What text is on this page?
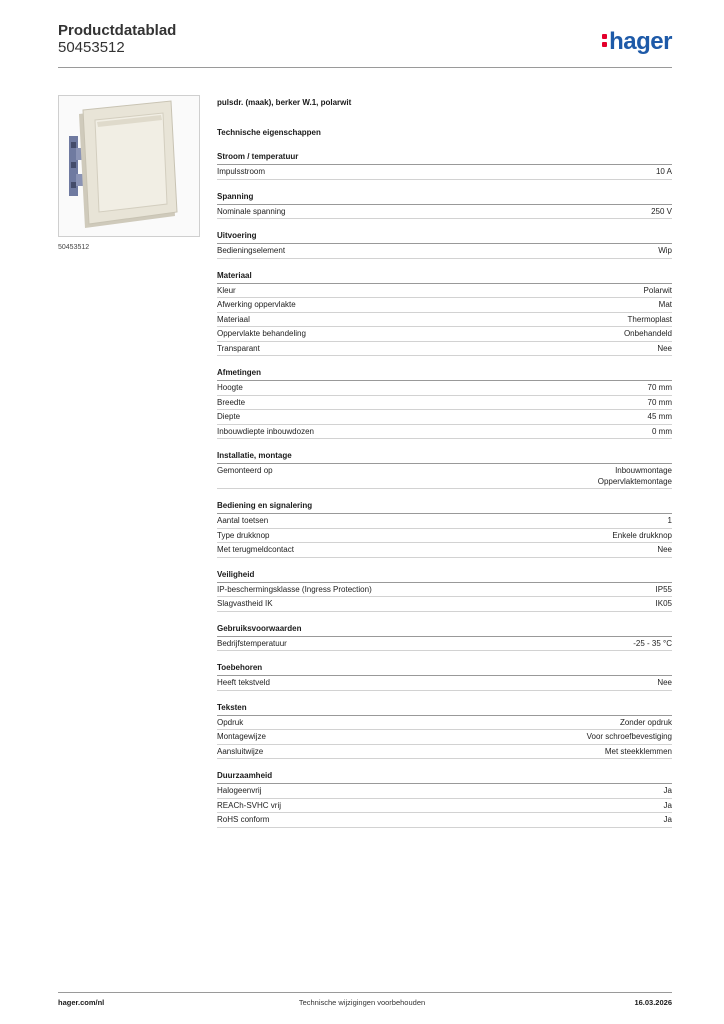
Productdatablad
50453512	hager
50453512
pulsdr. (maak), berker W.1, polarwit
Technische eigenschappen
Stroom / temperatuur
Impulsstroom	10 A
Spanning
Nominale spanning	250 V
Uitvoering
Bedieningselement	Wip
Materiaal
Kleur	Polarwit
Afwerking oppervlakte	Mat
Materiaal	Thermoplast
Oppervlakte behandeling	Onbehandeld
Transparant	Nee
Afmetingen
Hoogte	70 mm
Breedte	70 mm
Diepte	45 mm
Inbouwdiepte inbouwdozen	0 mm
Installatie, montage
Gemonteerd op	Inbouwmontage
Oppervlaktemontage
Bediening en signalering
Aantal toetsen	1
Type drukknop	Enkele drukknop
Met terugmeldcontact	Nee
Veiligheid
IP-beschermingsklasse (Ingress Protection)	IP55
Slagvastheid IK	IK05
Gebruiksvoorwaarden
Bedrijfstemperatuur	-25 - 35 °C
Toebehoren
Heeft tekstveld	Nee
Teksten
Opdruk	Zonder opdruk
Montagewijze	Voor schroefbevestiging
Aansluitwijze	Met steekklemmen
Duurzaamheid
Halogeenvrij	Ja
REACh-SVHC vrij	Ja
RoHS conform	Ja
hager.com/nl	Technische wijzigingen voorbehouden	16.03.2026
